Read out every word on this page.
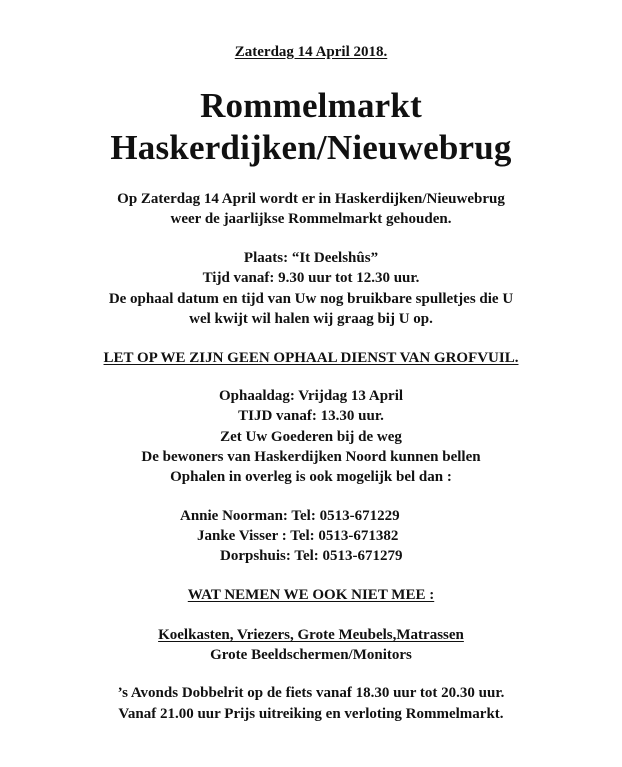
Zaterdag 14 April 2018.
Rommelmarkt
Haskerdijken/Nieuwebrug
Op Zaterdag 14 April wordt er in Haskerdijken/Nieuwebrug
weer de jaarlijkse Rommelmarkt gehouden.
Plaats: “It Deelshûs”
Tijd vanaf: 9.30 uur tot 12.30 uur.
De ophaal datum en tijd van Uw nog bruikbare spulletjes die U
wel kwijt wil halen wij graag bij U op.
LET OP WE ZIJN GEEN OPHAAL DIENST VAN GROFVUIL.
Ophaaldag: Vrijdag 13 April
TIJD vanaf: 13.30 uur.
Zet Uw Goederen bij de weg
De bewoners van Haskerdijken Noord kunnen bellen
Ophalen in overleg is ook mogelijk bel dan :
Annie Noorman: Tel: 0513-671229
Janke Visser : Tel: 0513-671382
Dorpshuis: Tel: 0513-671279
WAT NEMEN WE OOK NIET MEE :
Koelkasten, Vriezers, Grote Meubels,Matrassen
Grote Beeldschermen/Monitors
’s Avonds Dobbelrit op de fiets vanaf 18.30 uur tot 20.30 uur.
Vanaf 21.00 uur Prijs uitreiking en verloting Rommelmarkt.
